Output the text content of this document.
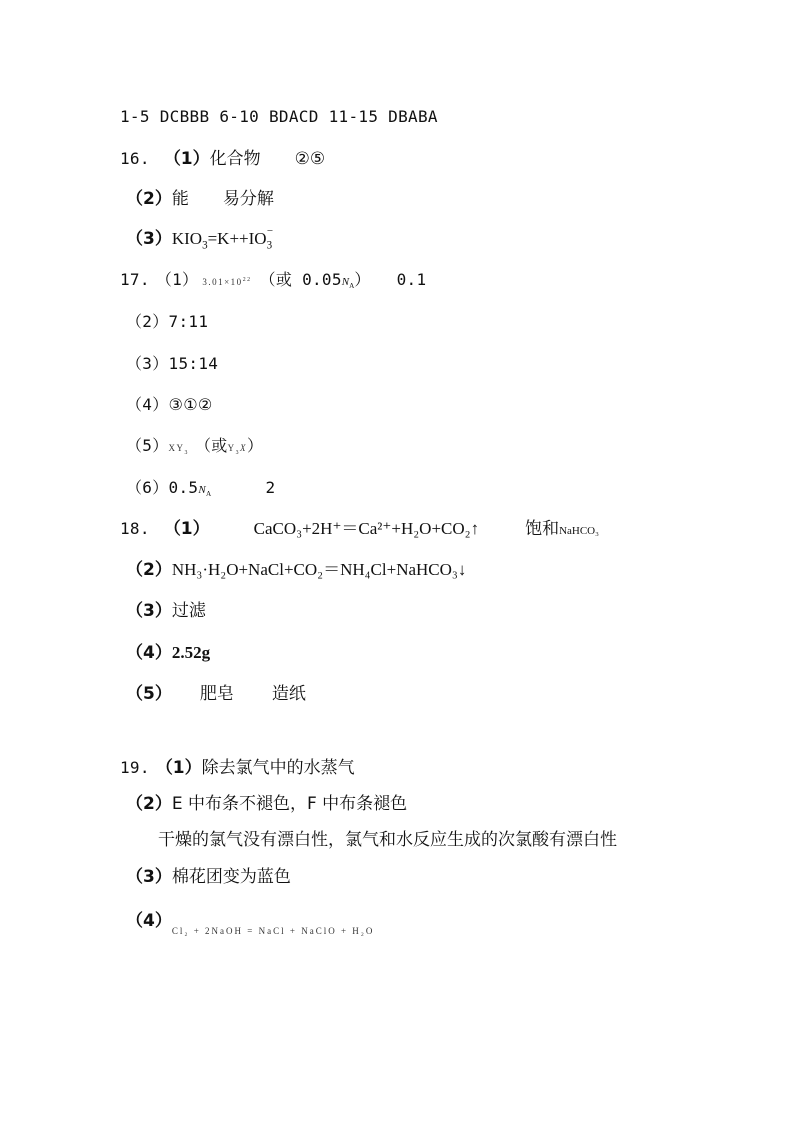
1-5 DCBBB 6-10 BDACD 11-15 DBABA
16. （1）化合物 ②⑤
（2）能 易分解
$(3)KIO_3=K++IO_3$
−
17. （1） $3.01\times 10^{22}$ （或 $0.05N_A$） 0.1
（2）7:11
（3）15:14
（4）③①②
$(5)XY_3$ （或$Y_3X$）
$(6)0.5N_A$	2
18. （1）	CaCO₃+2H⁺＝Ca²⁺+H₂O+CO₂↑	饱和NaHCO₃
（2）NH₃·H₂O+NaCl+CO₂＝NH₄Cl+NaHCO₃↓
（3）过滤
（4）2.52g
（5） 肥皂 造纸
19. （1）除去氯气中的水蒸气
（2）E 中布条不褪色，F 中布条褪色
干燥的氯气没有漂白性，氯气和水反应生成的次氯酸有漂白性
（3）棉花团变为蓝色
$(4)_{Cl_2 + 2NaOH = NaCl + NaClO + H_2O}$
